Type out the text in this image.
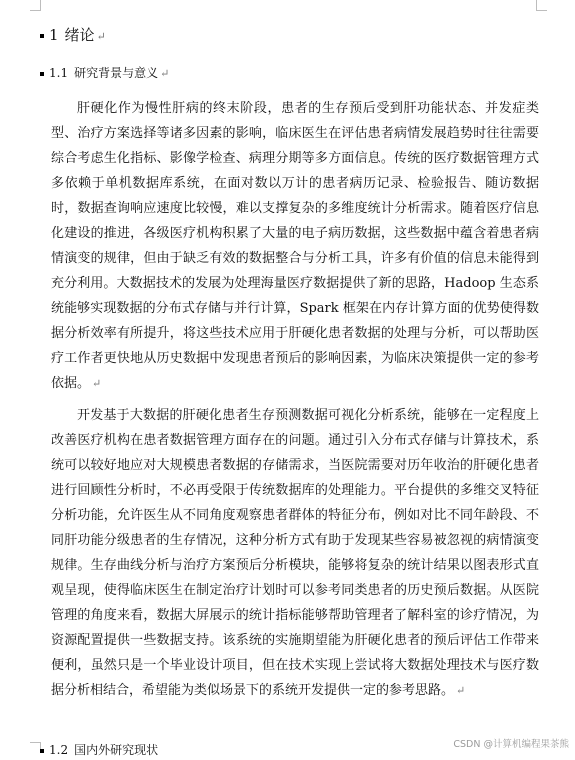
1 绪论 ↵
1.1 研究背景与意义 ↵
肝硬化作为慢性肝病的终末阶段，患者的生存预后受到肝功能状态、并发症类型、治疗方案选择等诸多因素的影响，临床医生在评估患者病情发展趋势时往往需要综合考虑生化指标、影像学检查、病理分期等多方面信息。传统的医疗数据管理方式多依赖于单机数据库系统，在面对数以万计的患者病历记录、检验报告、随访数据时，数据查询响应速度比较慢，难以支撑复杂的多维度统计分析需求。随着医疗信息化建设的推进，各级医疗机构积累了大量的电子病历数据，这些数据中蕴含着患者病情演变的规律，但由于缺乏有效的数据整合与分析工具，许多有价值的信息未能得到充分利用。大数据技术的发展为处理海量医疗数据提供了新的思路，Hadoop 生态系统能够实现数据的分布式存储与并行计算，Spark 框架在内存计算方面的优势使得数据分析效率有所提升，将这些技术应用于肝硬化患者数据的处理与分析，可以帮助医疗工作者更快地从历史数据中发现患者预后的影响因素，为临床决策提供一定的参考依据。 ↵
开发基于大数据的肝硬化患者生存预测数据可视化分析系统，能够在一定程度上改善医疗机构在患者数据管理方面存在的问题。通过引入分布式存储与计算技术，系统可以较好地应对大规模患者数据的存储需求，当医院需要对历年收治的肝硬化患者进行回顾性分析时，不必再受限于传统数据库的处理能力。平台提供的多维交叉特征分析功能，允许医生从不同角度观察患者群体的特征分布，例如对比不同年龄段、不同肝功能分级患者的生存情况，这种分析方式有助于发现某些容易被忽视的病情演变规律。生存曲线分析与治疗方案预后分析模块，能够将复杂的统计结果以图表形式直观呈现，使得临床医生在制定治疗计划时可以参考同类患者的历史预后数据。从医院管理的角度来看，数据大屏展示的统计指标能够帮助管理者了解科室的诊疗情况，为资源配置提供一些数据支持。该系统的实施期望能为肝硬化患者的预后评估工作带来便利，虽然只是一个毕业设计项目，但在技术实现上尝试将大数据处理技术与医疗数据分析相结合，希望能为类似场景下的系统开发提供一定的参考思路。 ↵
1.2 国内外研究现状	CSDN @计算机编程果茶熊
